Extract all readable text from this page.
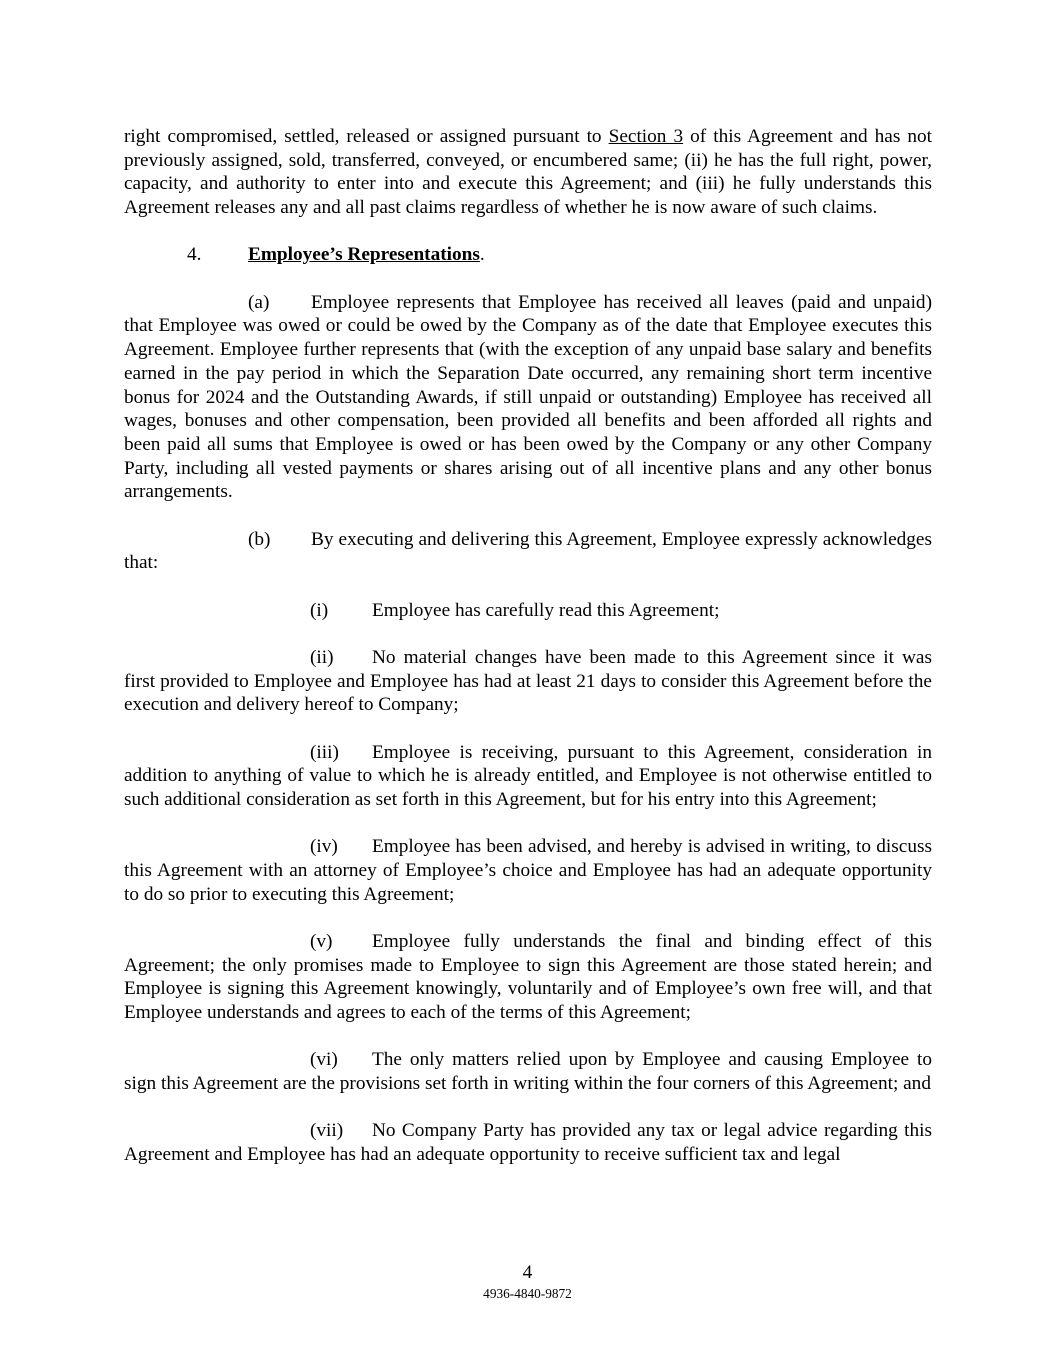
right compromised, settled, released or assigned pursuant to Section 3 of this Agreement and has not previously assigned, sold, transferred, conveyed, or encumbered same; (ii) he has the full right, power, capacity, and authority to enter into and execute this Agreement; and (iii) he fully understands this Agreement releases any and all past claims regardless of whether he is now aware of such claims.

4. Employee’s Representations.

(a) Employee represents that Employee has received all leaves (paid and unpaid) that Employee was owed or could be owed by the Company as of the date that Employee executes this Agreement. Employee further represents that (with the exception of any unpaid base salary and benefits earned in the pay period in which the Separation Date occurred, any remaining short term incentive bonus for 2024 and the Outstanding Awards, if still unpaid or outstanding) Employee has received all wages, bonuses and other compensation, been provided all benefits and been afforded all rights and been paid all sums that Employee is owed or has been owed by the Company or any other Company Party, including all vested payments or shares arising out of all incentive plans and any other bonus arrangements.

(b) By executing and delivering this Agreement, Employee expressly acknowledges that:

(i) Employee has carefully read this Agreement;

(ii) No material changes have been made to this Agreement since it was first provided to Employee and Employee has had at least 21 days to consider this Agreement before the execution and delivery hereof to Company;

(iii) Employee is receiving, pursuant to this Agreement, consideration in addition to anything of value to which he is already entitled, and Employee is not otherwise entitled to such additional consideration as set forth in this Agreement, but for his entry into this Agreement;

(iv) Employee has been advised, and hereby is advised in writing, to discuss this Agreement with an attorney of Employee’s choice and Employee has had an adequate opportunity to do so prior to executing this Agreement;

(v) Employee fully understands the final and binding effect of this Agreement; the only promises made to Employee to sign this Agreement are those stated herein; and Employee is signing this Agreement knowingly, voluntarily and of Employee’s own free will, and that Employee understands and agrees to each of the terms of this Agreement;

(vi) The only matters relied upon by Employee and causing Employee to sign this Agreement are the provisions set forth in writing within the four corners of this Agreement; and

(vii) No Company Party has provided any tax or legal advice regarding this Agreement and Employee has had an adequate opportunity to receive sufficient tax and legal

4
4936-4840-9872
